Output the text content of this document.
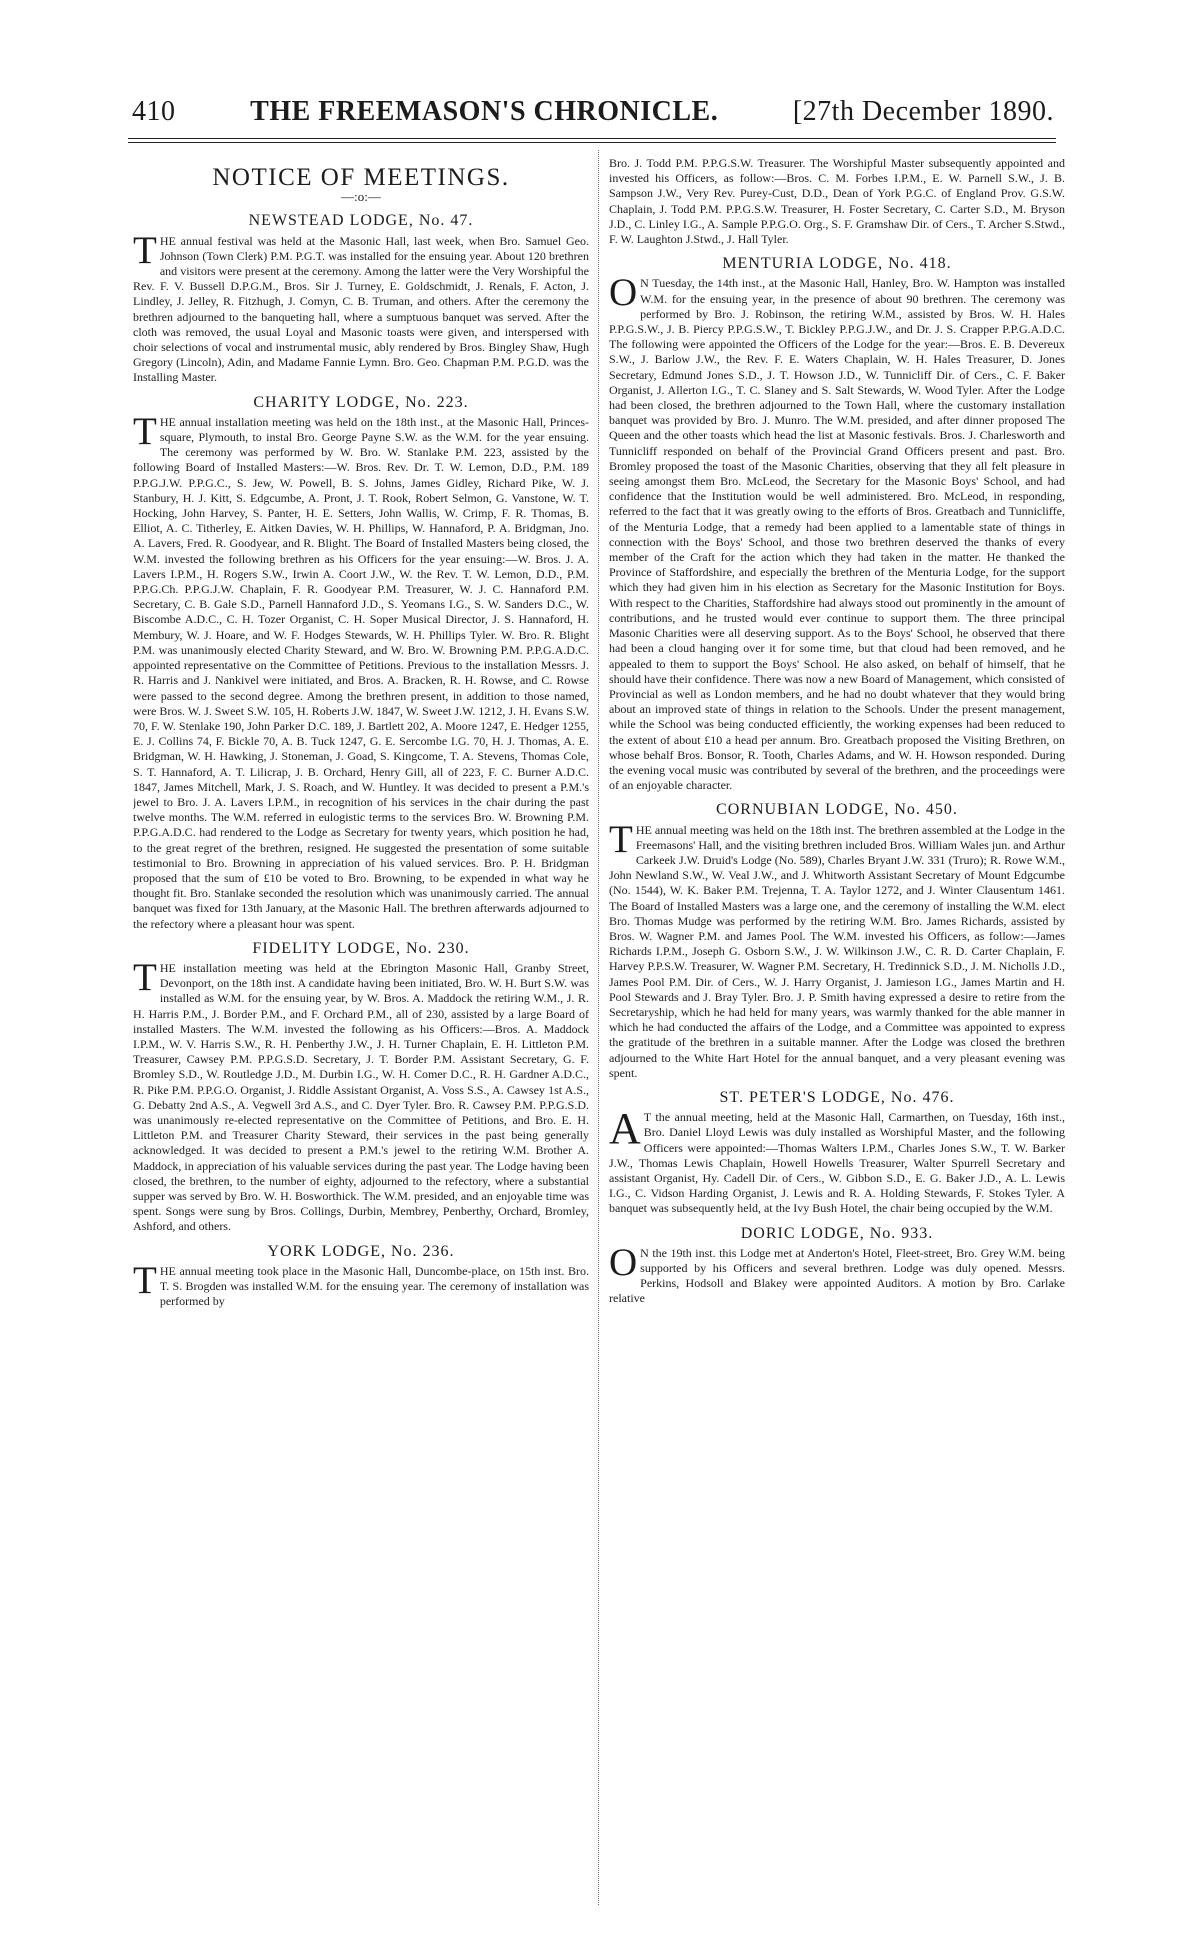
410	THE FREEMASON'S CHRONICLE.	[27th December 1890.
NOTICE OF MEETINGS.
—:o:—
NEWSTEAD LODGE, No. 47.

THE annual festival was held at the Masonic Hall, last week, when Bro. Samuel Geo. Johnson (Town Clerk) P.M. P.G.T. was installed for the ensuing year. About 120 brethren and visitors were present at the ceremony. Among the latter were the Very Worshipful the Rev. F. V. Bussell D.P.G.M., Bros. Sir J. Turney, E. Goldschmidt, J. Renals, F. Acton, J. Lindley, J. Jelley, R. Fitzhugh, J. Comyn, C. B. Truman, and others. After the ceremony the brethren adjourned to the banqueting hall, where a sumptuous banquet was served. After the cloth was removed, the usual Loyal and Masonic toasts were given, and interspersed with choir selections of vocal and instrumental music, ably rendered by Bros. Bingley Shaw, Hugh Gregory (Lincoln), Adin, and Madame Fannie Lymn. Bro. Geo. Chapman P.M. P.G.D. was the Installing Master.

CHARITY LODGE, No. 223.

THE annual installation meeting was held on the 18th inst., at the Masonic Hall, Princes-square, Plymouth, to instal Bro. George Payne S.W. as the W.M. for the year ensuing. The ceremony was performed by W. Bro. W. Stanlake P.M. 223, assisted by the following Board of Installed Masters:—W. Bros. Rev. Dr. T. W. Lemon, D.D., P.M. 189 P.P.G.J.W. P.P.G.C., S. Jew, W. Powell, B. S. Johns, James Gidley, Richard Pike, W. J. Stanbury, H. J. Kitt, S. Edgcumbe, A. Pront, J. T. Rook, Robert Selmon, G. Vanstone, W. T. Hocking, John Harvey, S. Panter, H. E. Setters, John Wallis, W. Crimp, F. R. Thomas, B. Elliot, A. C. Titherley, E. Aitken Davies, W. H. Phillips, W. Hannaford, P. A. Bridgman, Jno. A. Lavers, Fred. R. Goodyear, and R. Blight. The Board of Installed Masters being closed, the W.M. invested the following brethren as his Officers for the year ensuing:—W. Bros. J. A. Lavers I.P.M., H. Rogers S.W., Irwin A. Coort J.W., W. the Rev. T. W. Lemon, D.D., P.M. P.P.G.Ch. P.P.G.J.W. Chaplain, F. R. Goodyear P.M. Treasurer, W. J. C. Hannaford P.M. Secretary, C. B. Gale S.D., Parnell Hannaford J.D., S. Yeomans I.G., S. W. Sanders D.C., W. Biscombe A.D.C., C. H. Tozer Organist, C. H. Soper Musical Director, J. S. Hannaford, H. Membury, W. J. Hoare, and W. F. Hodges Stewards, W. H. Phillips Tyler. W. Bro. R. Blight P.M. was unanimously elected Charity Steward, and W. Bro. W. Browning P.M. P.P.G.A.D.C. appointed representative on the Committee of Petitions. Previous to the installation Messrs. J. R. Harris and J. Nankivel were initiated, and Bros. A. Bracken, R. H. Rowse, and C. Rowse were passed to the second degree. Among the brethren present, in addition to those named, were Bros. W. J. Sweet S.W. 105, H. Roberts J.W. 1847, W. Sweet J.W. 1212, J. H. Evans S.W. 70, F. W. Stenlake 190, John Parker D.C. 189, J. Bartlett 202, A. Moore 1247, E. Hedger 1255, E. J. Collins 74, F. Bickle 70, A. B. Tuck 1247, G. E. Sercombe I.G. 70, H. J. Thomas, A. E. Bridgman, W. H. Hawking, J. Stoneman, J. Goad, S. Kingcome, T. A. Stevens, Thomas Cole, S. T. Hannaford, A. T. Lilicrap, J. B. Orchard, Henry Gill, all of 223, F. C. Burner A.D.C. 1847, James Mitchell, Mark, J. S. Roach, and W. Huntley. It was decided to present a P.M.'s jewel to Bro. J. A. Lavers I.P.M., in recognition of his services in the chair during the past twelve months. The W.M. referred in eulogistic terms to the services Bro. W. Browning P.M. P.P.G.A.D.C. had rendered to the Lodge as Secretary for twenty years, which position he had, to the great regret of the brethren, resigned. He suggested the presentation of some suitable testimonial to Bro. Browning in appreciation of his valued services. Bro. P. H. Bridgman proposed that the sum of £10 be voted to Bro. Browning, to be expended in what way he thought fit. Bro. Stanlake seconded the resolution which was unanimously carried. The annual banquet was fixed for 13th January, at the Masonic Hall. The brethren afterwards adjourned to the refectory where a pleasant hour was spent.

FIDELITY LODGE, No. 230.

THE installation meeting was held at the Ebrington Masonic Hall, Granby Street, Devonport, on the 18th inst. A candidate having been initiated, Bro. W. H. Burt S.W. was installed as W.M. for the ensuing year, by W. Bros. A. Maddock the retiring W.M., J. R. H. Harris P.M., J. Border P.M., and F. Orchard P.M., all of 230, assisted by a large Board of installed Masters. The W.M. invested the following as his Officers:—Bros. A. Maddock I.P.M., W. V. Harris S.W., R. H. Penberthy J.W., J. H. Turner Chaplain, E. H. Littleton P.M. Treasurer, Cawsey P.M. P.P.G.S.D. Secretary, J. T. Border P.M. Assistant Secretary, G. F. Bromley S.D., W. Routledge J.D., M. Durbin I.G., W. H. Comer D.C., R. H. Gardner A.D.C., R. Pike P.M. P.P.G.O. Organist, J. Riddle Assistant Organist, A. Voss S.S., A. Cawsey 1st A.S., G. Debatty 2nd A.S., A. Vegwell 3rd A.S., and C. Dyer Tyler. Bro. R. Cawsey P.M. P.P.G.S.D. was unanimously re-elected representative on the Committee of Petitions, and Bro. E. H. Littleton P.M. and Treasurer Charity Steward, their services in the past being generally acknowledged. It was decided to present a P.M.'s jewel to the retiring W.M. Brother A. Maddock, in appreciation of his valuable services during the past year. The Lodge having been closed, the brethren, to the number of eighty, adjourned to the refectory, where a substantial supper was served by Bro. W. H. Bosworthick. The W.M. presided, and an enjoyable time was spent. Songs were sung by Bros. Collings, Durbin, Membrey, Penberthy, Orchard, Bromley, Ashford, and others.

YORK LODGE, No. 236.

THE annual meeting took place in the Masonic Hall, Duncombe-place, on 15th inst. Bro. T. S. Brogden was installed W.M. for the ensuing year. The ceremony of installation was performed by

Bro. J. Todd P.M. P.P.G.S.W. Treasurer. The Worshipful Master subsequently appointed and invested his Officers, as follow:—Bros. C. M. Forbes I.P.M., E. W. Parnell S.W., J. B. Sampson J.W., Very Rev. Purey-Cust, D.D., Dean of York P.G.C. of England Prov. G.S.W. Chaplain, J. Todd P.M. P.P.G.S.W. Treasurer, H. Foster Secretary, C. Carter S.D., M. Bryson J.D., C. Linley I.G., A. Sample P.P.G.O. Org., S. F. Gramshaw Dir. of Cers., T. Archer S.Stwd., F. W. Laughton J.Stwd., J. Hall Tyler.

MENTURIA LODGE, No. 418.

O N Tuesday, the 14th inst., at the Masonic Hall, Hanley, Bro. W. Hampton was installed W.M. for the ensuing year, in the presence of about 90 brethren. The ceremony was performed by Bro. J. Robinson, the retiring W.M., assisted by Bros. W. H. Hales P.P.G.S.W., J. B. Piercy P.P.G.S.W., T. Bickley P.P.G.J.W., and Dr. J. S. Crapper P.P.G.A.D.C. The following were appointed the Officers of the Lodge for the year:—Bros. E. B. Devereux S.W., J. Barlow J.W., the Rev. F. E. Waters Chaplain, W. H. Hales Treasurer, D. Jones Secretary, Edmund Jones S.D., J. T. Howson J.D., W. Tunnicliff Dir. of Cers., C. F. Baker Organist, J. Allerton I.G., T. C. Slaney and S. Salt Stewards, W. Wood Tyler. After the Lodge had been closed, the brethren adjourned to the Town Hall, where the customary installation banquet was provided by Bro. J. Munro. The W.M. presided, and after dinner proposed The Queen and the other toasts which head the list at Masonic festivals. Bros. J. Charlesworth and Tunnicliff responded on behalf of the Provincial Grand Officers present and past. Bro. Bromley proposed the toast of the Masonic Charities, observing that they all felt pleasure in seeing amongst them Bro. McLeod, the Secretary for the Masonic Boys' School, and had confidence that the Institution would be well administered. Bro. McLeod, in responding, referred to the fact that it was greatly owing to the efforts of Bros. Greatbach and Tunnicliffe, of the Menturia Lodge, that a remedy had been applied to a lamentable state of things in connection with the Boys' School, and those two brethren deserved the thanks of every member of the Craft for the action which they had taken in the matter. He thanked the Province of Staffordshire, and especially the brethren of the Menturia Lodge, for the support which they had given him in his election as Secretary for the Masonic Institution for Boys. With respect to the Charities, Staffordshire had always stood out prominently in the amount of contributions, and he trusted would ever continue to support them. The three principal Masonic Charities were all deserving support. As to the Boys' School, he observed that there had been a cloud hanging over it for some time, but that cloud had been removed, and he appealed to them to support the Boys' School. He also asked, on behalf of himself, that he should have their confidence. There was now a new Board of Management, which consisted of Provincial as well as London members, and he had no doubt whatever that they would bring about an improved state of things in relation to the Schools. Under the present management, while the School was being conducted efficiently, the working expenses had been reduced to the extent of about £10 a head per annum. Bro. Greatbach proposed the Visiting Brethren, on whose behalf Bros. Bonsor, R. Tooth, Charles Adams, and W. H. Howson responded. During the evening vocal music was contributed by several of the brethren, and the proceedings were of an enjoyable character.

CORNUBIAN LODGE, No. 450.

THE annual meeting was held on the 18th inst. The brethren assembled at the Lodge in the Freemasons' Hall, and the visiting brethren included Bros. William Wales jun. and Arthur Carkeek J.W. Druid's Lodge (No. 589), Charles Bryant J.W. 331 (Truro); R. Rowe W.M., John Newland S.W., W. Veal J.W., and J. Whitworth Assistant Secretary of Mount Edgcumbe (No. 1544), W. K. Baker P.M. Trejenna, T. A. Taylor 1272, and J. Winter Clausentum 1461. The Board of Installed Masters was a large one, and the ceremony of installing the W.M. elect Bro. Thomas Mudge was performed by the retiring W.M. Bro. James Richards, assisted by Bros. W. Wagner P.M. and James Pool. The W.M. invested his Officers, as follow:—James Richards I.P.M., Joseph G. Osborn S.W., J. W. Wilkinson J.W., C. R. D. Carter Chaplain, F. Harvey P.P.S.W. Treasurer, W. Wagner P.M. Secretary, H. Tredinnick S.D., J. M. Nicholls J.D., James Pool P.M. Dir. of Cers., W. J. Harry Organist, J. Jamieson I.G., James Martin and H. Pool Stewards and J. Bray Tyler. Bro. J. P. Smith having expressed a desire to retire from the Secretaryship, which he had held for many years, was warmly thanked for the able manner in which he had conducted the affairs of the Lodge, and a Committee was appointed to express the gratitude of the brethren in a suitable manner. After the Lodge was closed the brethren adjourned to the White Hart Hotel for the annual banquet, and a very pleasant evening was spent.

ST. PETER'S LODGE, No. 476.

A T the annual meeting, held at the Masonic Hall, Carmarthen, on Tuesday, 16th inst., Bro. Daniel Lloyd Lewis was duly installed as Worshipful Master, and the following Officers were appointed:—Thomas Walters I.P.M., Charles Jones S.W., T. W. Barker J.W., Thomas Lewis Chaplain, Howell Howells Treasurer, Walter Spurrell Secretary and assistant Organist, Hy. Cadell Dir. of Cers., W. Gibbon S.D., E. G. Baker J.D., A. L. Lewis I.G., C. Vidson Harding Organist, J. Lewis and R. A. Holding Stewards, F. Stokes Tyler. A banquet was subsequently held, at the Ivy Bush Hotel, the chair being occupied by the W.M.

DORIC LODGE, No. 933.

O N the 19th inst. this Lodge met at Anderton's Hotel, Fleet-street, Bro. Grey W.M. being supported by his Officers and several brethren. Lodge was duly opened. Messrs. Perkins, Hodsoll and Blakey were appointed Auditors. A motion by Bro. Carlake relative
